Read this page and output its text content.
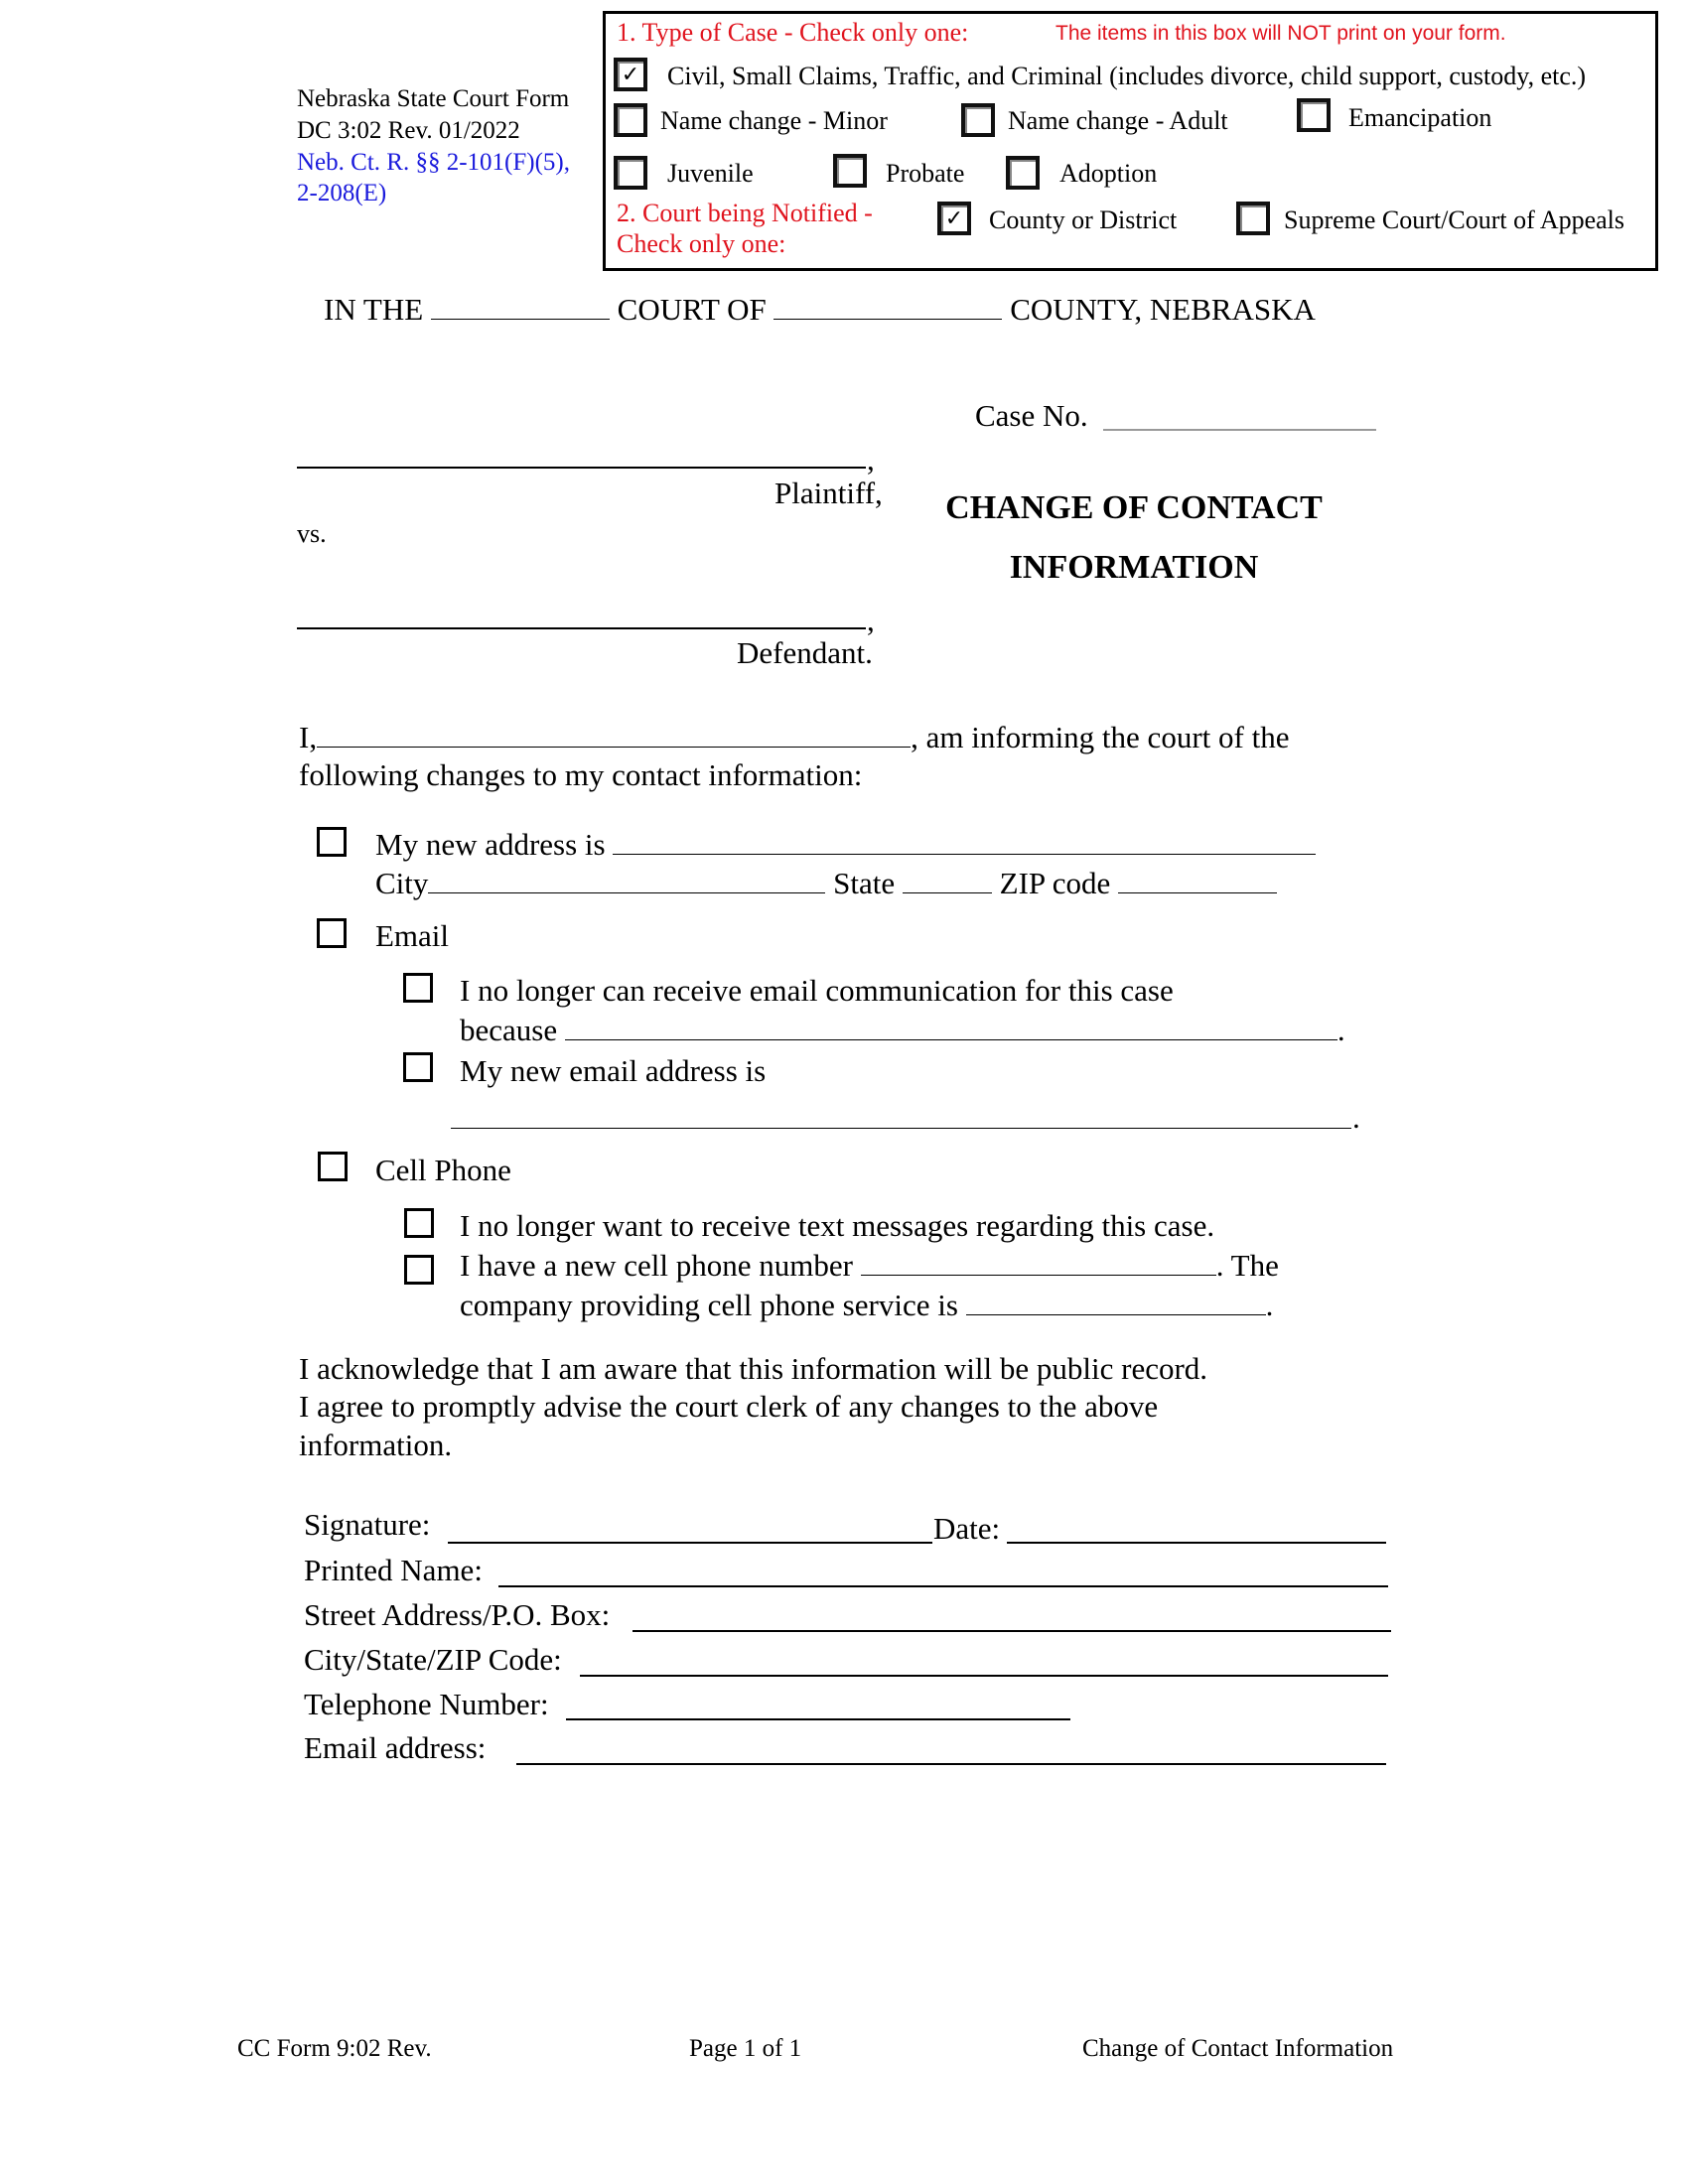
Nebraska State Court Form
DC 3:02 Rev. 01/2022
Neb. Ct. R. §§ 2-101(F)(5),
2-208(E)
1. Type of Case - Check only one:	The items in this box will NOT print on your form.
✓ Civil, Small Claims, Traffic, and Criminal (includes divorce, child support, custody, etc.)
Name change - Minor	Name change - Adult	Emancipation
Juvenile	Probate	Adoption
2. Court being Notified -
Check only one:
✓ County or District	Supreme Court/Court of Appeals
IN THE	COURT OF	COUNTY, NEBRASKA
Case No.
,
Plaintiff,
vs.
,
Defendant.
CHANGE OF CONTACT
INFORMATION
I,	, am informing the court of the
following changes to my contact information:
My new address is
City	State	ZIP code
Email
I no longer can receive email communication for this case
because	.
My new email address is
.
Cell Phone
I no longer want to receive text messages regarding this case.
I have a new cell phone number	. The
company providing cell phone service is	.
I acknowledge that I am aware that this information will be public record.
I agree to promptly advise the court clerk of any changes to the above
information.
Signature:	Date:
Printed Name:
Street Address/P.O. Box:
City/State/ZIP Code:
Telephone Number:
Email address:
CC Form 9:02 Rev.	Page 1 of 1	Change of Contact Information
